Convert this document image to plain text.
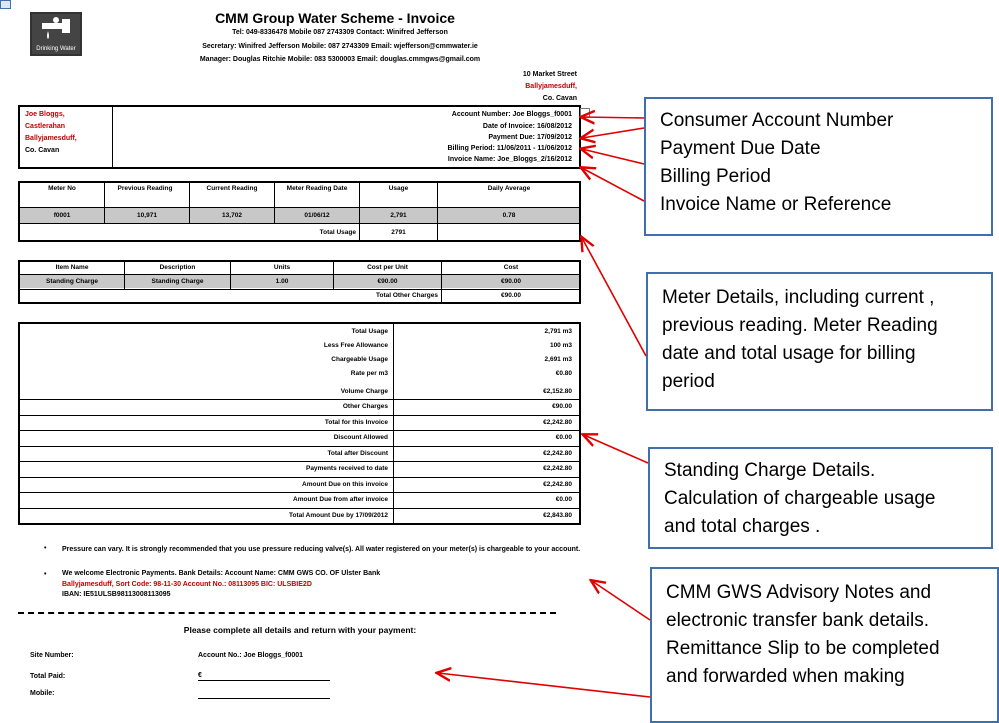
Drinking Water
CMM Group Water Scheme - Invoice
Tel: 049-8336478 Mobile 087 2743309 Contact: Winifred Jefferson
Secretary: Winifred Jefferson Mobile: 087 2743309 Email: wjefferson@cmmwater.ie
Manager: Douglas Ritchie Mobile: 083 5300003 Email: douglas.cmmgws@gmail.com
10 Market Street
Ballyjamesduff,
Co. Cavan
Joe Bloggs,
Castlerahan
Ballyjamesduff,
Co. Cavan
Account Number: Joe Bloggs_f0001
Date of Invoice: 16/08/2012
Payment Due: 17/09/2012
Billing Period: 11/06/2011 - 11/06/2012
Invoice Name: Joe_Bloggs_2/16/2012
Meter No	Previous Reading	Current Reading	Meter Reading Date	Usage	Daily Average
f0001	10,971	13,702	01/06/12	2,791	0.78
Total Usage	2791
Item Name	Description	Units	Cost per Unit	Cost
Standing Charge	Standing Charge	1.00	€90.00	€90.00
Total Other Charges	€90.00
Total Usage	2,791 m3
Less Free Allowance	100 m3
Chargeable Usage	2,691 m3
Rate per m3	€0.80
Volume Charge	€2,152.80
Other Charges	€90.00
Total for this Invoice	€2,242.80
Discount Allowed	€0.00
Total after Discount	€2,242.80
Payments received to date	€2,242.80
Amount Due on this invoice	€2,242.80
Amount Due from after invoice	€0.00
Total Amount Due by 17/09/2012	€2,843.80
• Pressure can vary. It is strongly recommended that you use pressure reducing valve(s). All water registered on your meter(s) is chargeable to your account.
• We welcome Electronic Payments. Bank Details: Account Name: CMM GWS CO. OF Ulster Bank
Ballyjamesduff, Sort Code: 98-11-30 Account No.: 08113095 BIC: ULSBIE2D
IBAN: IE51ULSB98113008113095
Please complete all details and return with your payment:
Site Number:	Account No.: Joe Bloggs_f0001
Total Paid:	€
Mobile:
Consumer Account Number
Payment Due Date
Billing Period
Invoice Name or Reference
Meter Details, including current ,
previous reading. Meter Reading
date and total usage for billing
period
Standing Charge Details.
Calculation of chargeable usage
and total charges .
CMM GWS Advisory Notes and
electronic transfer bank details.
Remittance Slip to be completed
and forwarded when making
